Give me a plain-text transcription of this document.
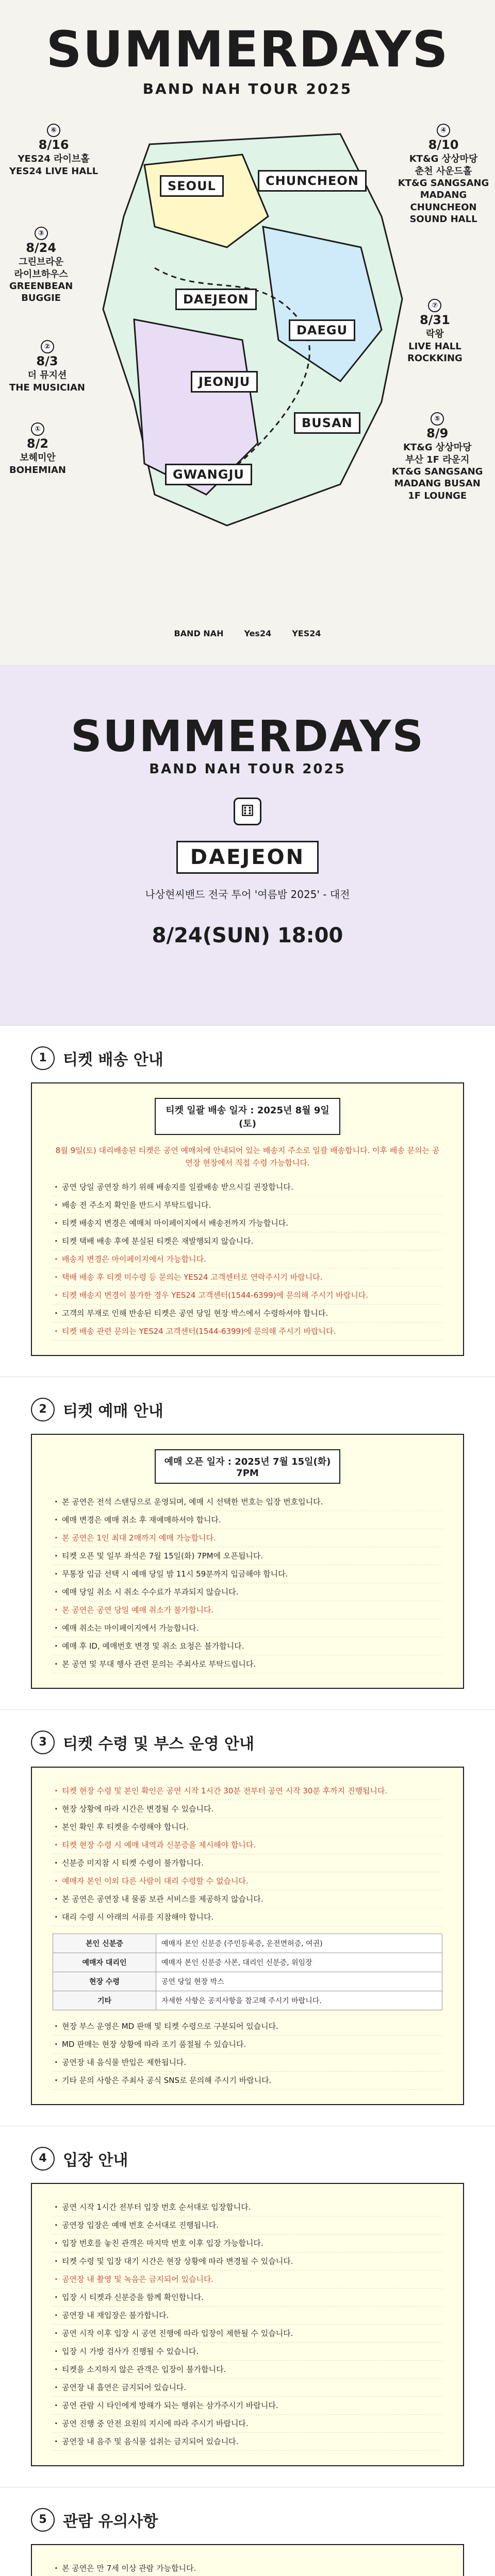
SUMMERDAYS
BAND NAH TOUR 2025
SEOUL	CHUNCHEON
DAEJEON
DAEGU
JEONJU
BUSAN
GWANGJU
①
8/2
보헤미안
BOHEMIAN
②
8/3
더 뮤지션
THE MUSICIAN
③
8/24
그린브라운
라이브하우스
GREENBEAN
BUGGIE
⑥
8/16
YES24 라이브홀
YES24 LIVE HALL
④
8/10
KT&G 상상마당
춘천 사운드홀
KT&G SANGSANG
MADANG CHUNCHEON
SOUND HALL
⑦
8/31
락왕
LIVE HALL
ROCKKING
⑤
8/9
KT&G 상상마당
부산 1F 라운지
KT&G SANGSANG
MADANG BUSAN
1F LOUNGE
BAND NAH	Yes24	YES24
SUMMERDAYS
BAND NAH TOUR 2025
⚅
DAEJEON
나상현씨밴드 전국 투어 '여름밤 2025' - 대전
8/24(SUN) 18:00
1	티켓 배송 안내
티켓 일괄 배송 일자 : 2025년 8월 9일(토)

8월 9일(토) 대리배송된 티켓은 공연 예매처에 안내되어 있는 배송지 주소로 일괄 배송합니다. 이후 배송 문의는 공연장 현장에서 직접 수령 가능합니다.

· 공연 당일 공연장 하기 위해 배송지를 일괄배송 받으시길 권장합니다.
· 배송 전 주소지 확인을 반드시 부탁드립니다.
· 티켓 배송지 변경은 예매처 마이페이지에서 배송전까지 가능합니다.
· 티켓 택배 배송 후에 분실된 티켓은 재발행되지 않습니다.
· 배송지 변경은 마이페이지에서 가능합니다.
· 택배 배송 후 티켓 미수령 등 문의는 YES24 고객센터로 연락주시기 바랍니다.
· 티켓 배송지 변경이 불가한 경우 YES24 고객센터(1544-6399)에 문의해 주시기 바랍니다.
· 고객의 부재로 인해 반송된 티켓은 공연 당일 현장 박스에서 수령하셔야 합니다.
· 티켓 배송 관련 문의는 YES24 고객센터(1544-6399)에 문의해 주시기 바랍니다.
2	티켓 예매 안내
예매 오픈 일자 : 2025년 7월 15일(화) 7PM
· 본 공연은 전석 스탠딩으로 운영되며, 예매 시 선택한 번호는 입장 번호입니다.
· 예매 변경은 예매 취소 후 재예매하셔야 합니다.
· 본 공연은 1인 최대 2매까지 예매 가능합니다.
· 티켓 오픈 및 일부 좌석은 7월 15일(화) 7PM에 오픈됩니다.
· 무통장 입금 선택 시 예매 당일 밤 11시 59분까지 입금해야 합니다.
· 예매 당일 취소 시 취소 수수료가 부과되지 않습니다.
· 본 공연은 공연 당일 예매 취소가 불가합니다.
· 예매 취소는 마이페이지에서 가능합니다.
· 예매 후 ID, 예매번호 변경 및 취소 요청은 불가합니다.
· 본 공연 및 부대 행사 관련 문의는 주최사로 부탁드립니다.
3	티켓 수령 및 부스 운영 안내
· 티켓 현장 수령 및 본인 확인은 공연 시작 1시간 30분 전부터 공연 시작 30분 후까지 진행됩니다.
· 현장 상황에 따라 시간은 변경될 수 있습니다.
· 본인 확인 후 티켓을 수령해야 합니다.
· 티켓 현장 수령 시 예매 내역과 신분증을 제시해야 합니다.
· 신분증 미지참 시 티켓 수령이 불가합니다.
· 예매자 본인 이외 다른 사람이 대리 수령할 수 없습니다.
· 본 공연은 공연장 내 물품 보관 서비스를 제공하지 않습니다.
· 대리 수령 시 아래의 서류를 지참해야 합니다.
본인 신분증	예매자 본인 신분증 (주민등록증, 운전면허증, 여권)
예매자 대리인	예매자 본인 신분증 사본, 대리인 신분증, 위임장
현장 수령	공연 당일 현장 박스
기타	자세한 사항은 공지사항을 참고해 주시기 바랍니다.
· 현장 부스 운영은 MD 판매 및 티켓 수령으로 구분되어 있습니다.
· MD 판매는 현장 상황에 따라 조기 품절될 수 있습니다.
· 공연장 내 음식물 반입은 제한됩니다.
· 기타 문의 사항은 주최사 공식 SNS로 문의해 주시기 바랍니다.
4	입장 안내
· 공연 시작 1시간 전부터 입장 번호 순서대로 입장합니다.
· 공연장 입장은 예매 번호 순서대로 진행됩니다.
· 입장 번호를 놓친 관객은 마지막 번호 이후 입장 가능합니다.
· 티켓 수령 및 입장 대기 시간은 현장 상황에 따라 변경될 수 있습니다.
· 공연장 내 촬영 및 녹음은 금지되어 있습니다.
· 입장 시 티켓과 신분증을 함께 확인합니다.
· 공연장 내 재입장은 불가합니다.
· 공연 시작 이후 입장 시 공연 진행에 따라 입장이 제한될 수 있습니다.
· 입장 시 가방 검사가 진행될 수 있습니다.
· 티켓을 소지하지 않은 관객은 입장이 불가합니다.
· 공연장 내 흡연은 금지되어 있습니다.
· 공연 관람 시 타인에게 방해가 되는 행위는 삼가주시기 바랍니다.
· 공연 진행 중 안전 요원의 지시에 따라 주시기 바랍니다.
· 공연장 내 음주 및 음식물 섭취는 금지되어 있습니다.
5	관람 유의사항
· 본 공연은 만 7세 이상 관람 가능합니다.
